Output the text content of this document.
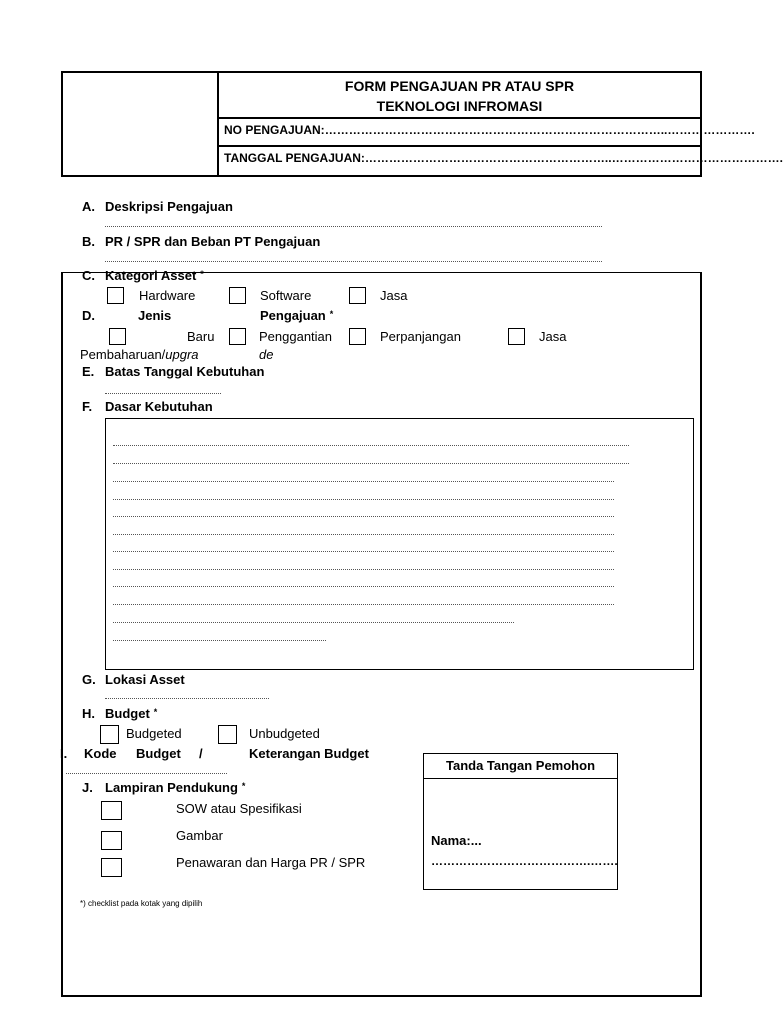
FORM PENGAJUAN PR ATAU SPR
TEKNOLOGI INFROMASI
NO PENGAJUAN:…………………………………………………………………………..………………….
TANGGAL PENGAJUAN:……………………………………………………..…………………………………….
A. Deskripsi Pengajuan
B. PR / SPR dan Beban PT Pengajuan
C. Kategori Asset *
Hardware	Software	Jasa
D.	Jenis	Pengajuan *
Baru	Penggantian	Perpanjangan	Jasa
Pembaharuan/upgra	de
E. Batas Tanggal Kebutuhan
F. Dasar Kebutuhan
G. Lokasi Asset
H. Budget *
Budgeted	Unbudgeted
I. Kode Budget /	Keterangan Budget
Tanda Tangan Pemohon
Nama:...
………………………………….…….
J. Lampiran Pendukung *
SOW atau Spesifikasi
Gambar
Penawaran dan Harga PR / SPR
*) checklist pada kotak yang dipilih
